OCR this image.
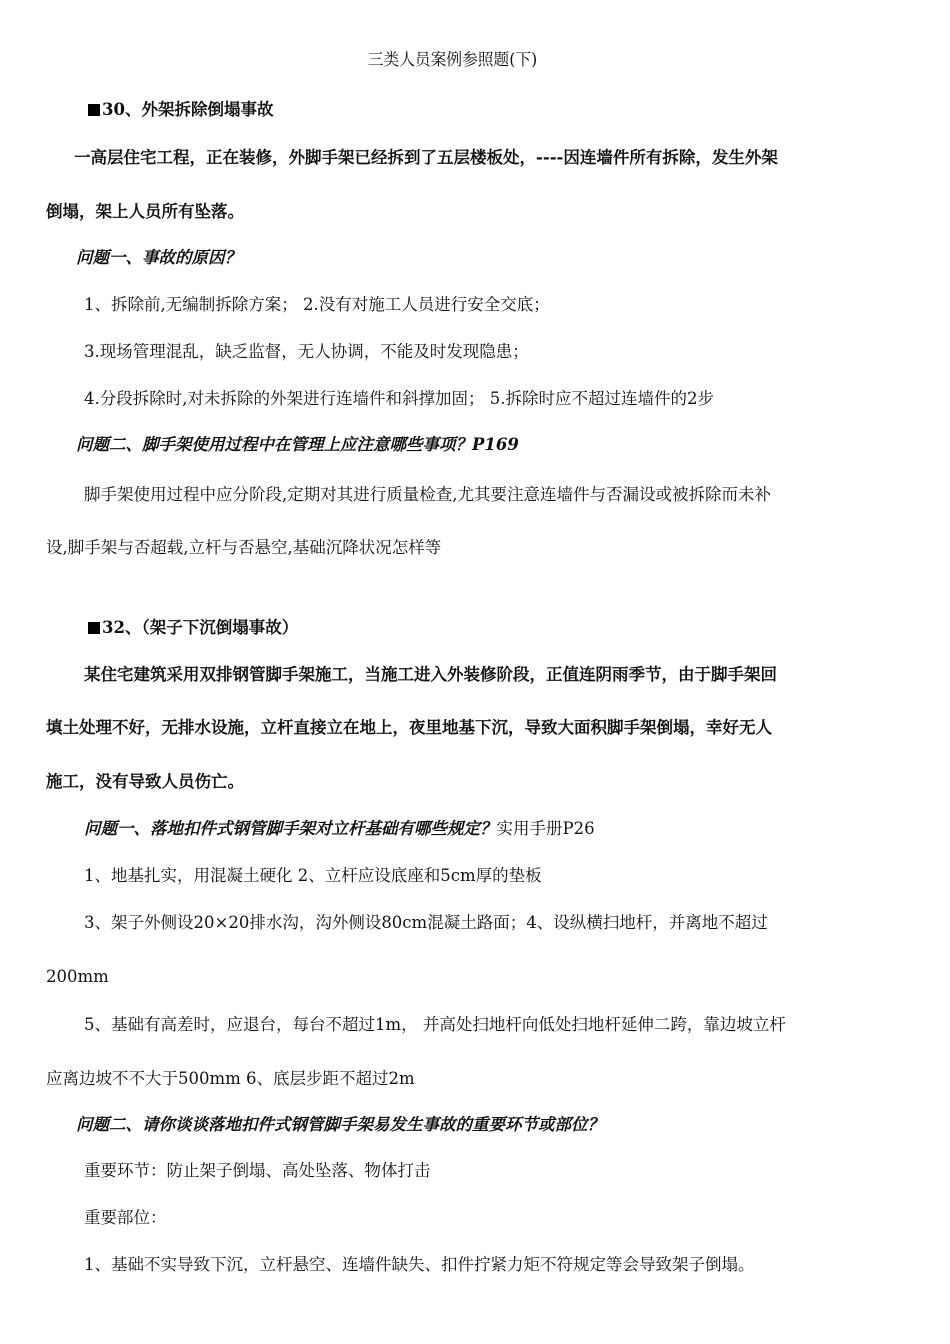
三类人员案例参照题(下)
30、外架拆除倒塌事故
一高层住宅工程，正在装修，外脚手架已经拆到了五层楼板处，----因连墙件所有拆除，发生外架
倒塌，架上人员所有坠落。
问题一、事故的原因？
1、拆除前,无编制拆除方案； 2.没有对施工人员进行安全交底；
3.现场管理混乱，缺乏监督，无人协调，不能及时发现隐患；
4.分段拆除时,对未拆除的外架进行连墙件和斜撑加固； 5.拆除时应不超过连墙件的2步
问题二、脚手架使用过程中在管理上应注意哪些事项？P169
脚手架使用过程中应分阶段,定期对其进行质量检查,尤其要注意连墙件与否漏设或被拆除而未补
设,脚手架与否超载,立杆与否悬空,基础沉降状况怎样等
32、（架子下沉倒塌事故）
某住宅建筑采用双排钢管脚手架施工，当施工进入外装修阶段，正值连阴雨季节，由于脚手架回
填土处理不好，无排水设施，立杆直接立在地上，夜里地基下沉，导致大面积脚手架倒塌，幸好无人
施工，没有导致人员伤亡。
问题一、落地扣件式钢管脚手架对立杆基础有哪些规定？实用手册P26
1、地基扎实，用混凝土硬化 2、立杆应设底座和5cm厚的垫板
3、架子外侧设20×20排水沟，沟外侧设80cm混凝土路面；4、设纵横扫地杆，并离地不超过
200mm
5、基础有高差时，应退台，每台不超过1m， 并高处扫地杆向低处扫地杆延伸二跨，靠边坡立杆
应离边坡不不大于500mm 6、底层步距不超过2m
问题二、请你谈谈落地扣件式钢管脚手架易发生事故的重要环节或部位？
重要环节：防止架子倒塌、高处坠落、物体打击
重要部位：
1、基础不实导致下沉，立杆悬空、连墙件缺失、扣件拧紧力矩不符规定等会导致架子倒塌。
